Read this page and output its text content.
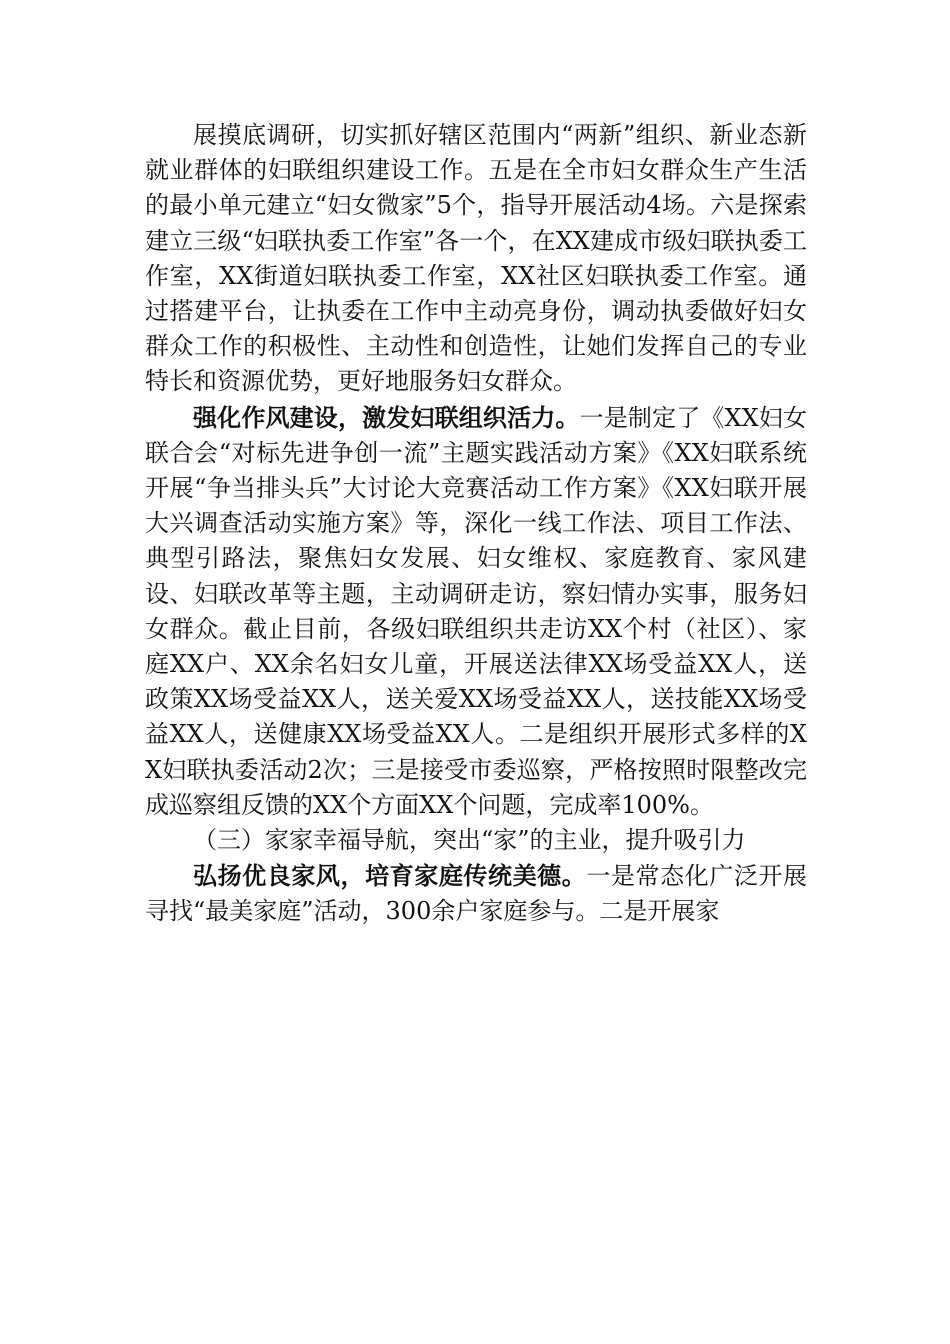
展摸底调研，切实抓好辖区范围内“两新”组织、新业态新就业群体的妇联组织建设工作。五是在全市妇女群众生产生活的最小单元建立“妇女微家”5个，指导开展活动4场。六是探索建立三级“妇联执委工作室”各一个，在XX建成市级妇联执委工作室，XX街道妇联执委工作室，XX社区妇联执委工作室。通过搭建平台，让执委在工作中主动亮身份，调动执委做好妇女群众工作的积极性、主动性和创造性，让她们发挥自己的专业特长和资源优势，更好地服务妇女群众。

强化作风建设，激发妇联组织活力。一是制定了《XX妇女联合会“对标先进争创一流”主题实践活动方案》《XX妇联系统开展“争当排头兵”大讨论大竞赛活动工作方案》《XX妇联开展大兴调查活动实施方案》等，深化一线工作法、项目工作法、典型引路法，聚焦妇女发展、妇女维权、家庭教育、家风建设、妇联改革等主题，主动调研走访，察妇情办实事，服务妇女群众。截止目前，各级妇联组织共走访XX个村（社区）、家庭XX户、XX余名妇女儿童，开展送法律XX场受益XX人，送政策XX场受益XX人，送关爱XX场受益XX人，送技能XX场受益XX人，送健康XX场受益XX人。二是组织开展形式多样的XX妇联执委活动2次；三是接受市委巡察，严格按照时限整改完成巡察组反馈的XX个方面XX个问题，完成率100%。

（三）家家幸福导航，突出“家”的主业，提升吸引力

弘扬优良家风，培育家庭传统美德。一是常态化广泛开展寻找“最美家庭”活动，300余户家庭参与。二是开展家
